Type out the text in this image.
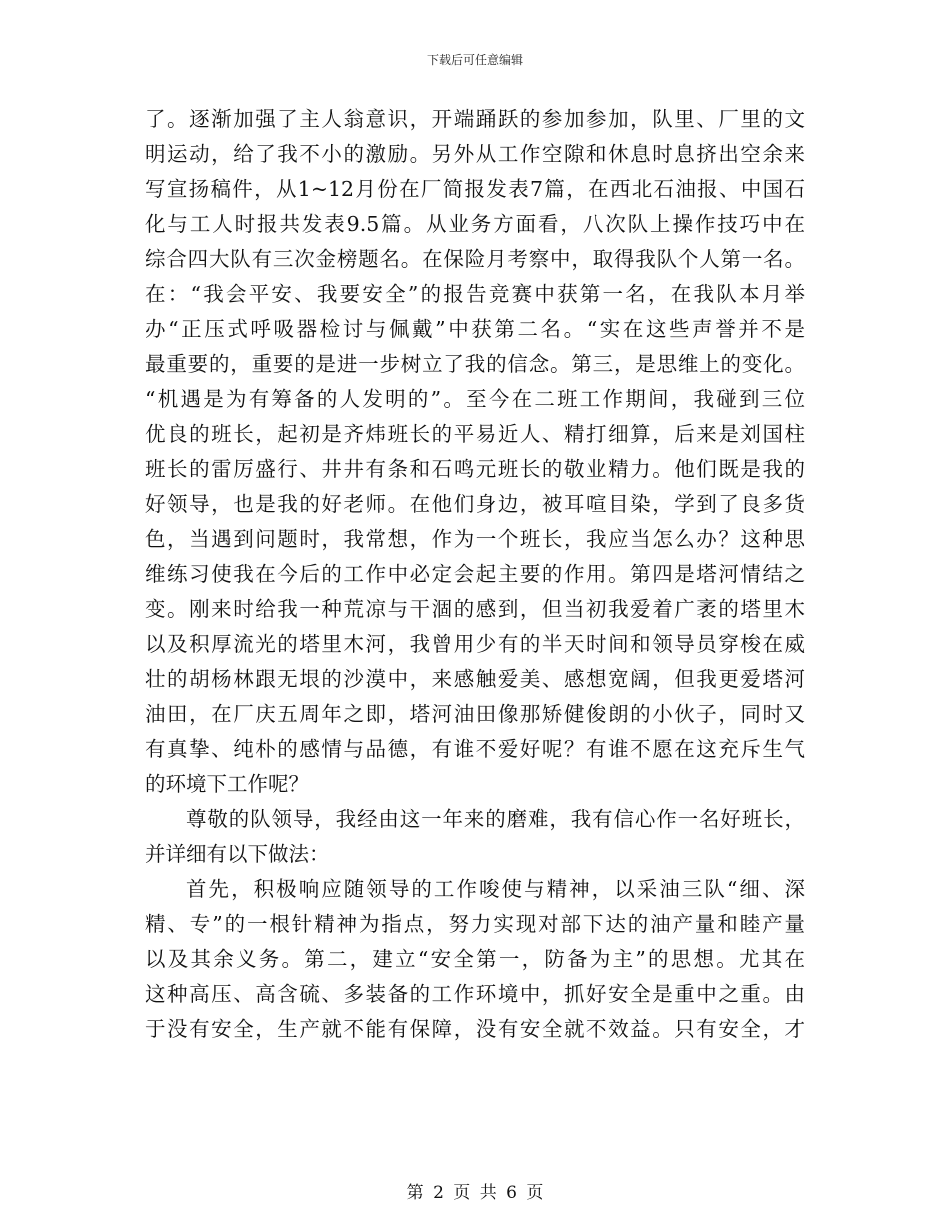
下载后可任意编辑
了。逐渐加强了主人翁意识，开端踊跃的参加参加，队里、厂里的文
明运动，给了我不小的激励。另外从工作空隙和休息时息挤出空余来
写宣扬稿件，从1~12月份在厂简报发表7篇，在西北石油报、中国石
化与工人时报共发表9.5篇。从业务方面看，八次队上操作技巧中在
综合四大队有三次金榜题名。在保险月考察中，取得我队个人第一名。
在：“我会平安、我要安全”的报告竞赛中获第一名，在我队本月举
办“正压式呼吸器检讨与佩戴”中获第二名。“实在这些声誉并不是
最重要的，重要的是进一步树立了我的信念。第三，是思维上的变化。
“机遇是为有筹备的人发明的”。至今在二班工作期间，我碰到三位
优良的班长，起初是齐炜班长的平易近人、精打细算，后来是刘国柱
班长的雷厉盛行、井井有条和石鸣元班长的敬业精力。他们既是我的
好领导，也是我的好老师。在他们身边，被耳喧目染，学到了良多货
色，当遇到问题时，我常想，作为一个班长，我应当怎么办？这种思
维练习使我在今后的工作中必定会起主要的作用。第四是塔河情结之
变。刚来时给我一种荒凉与干涸的感到，但当初我爱着广袤的塔里木
以及积厚流光的塔里木河，我曾用少有的半天时间和领导员穿梭在威
壮的胡杨林跟无垠的沙漠中，来感触爱美、感想宽阔，但我更爱塔河
油田，在厂庆五周年之即，塔河油田像那矫健俊朗的小伙子，同时又
有真挚、纯朴的感情与品德，有谁不爱好呢？有谁不愿在这充斥生气
的环境下工作呢？
尊敬的队领导，我经由这一年来的磨难，我有信心作一名好班长，
并详细有以下做法：
首先，积极响应随领导的工作唆使与精神，以采油三队“细、深
精、专”的一根针精神为指点，努力实现对部下达的油产量和睦产量
以及其余义务。第二，建立“安全第一，防备为主”的思想。尤其在
这种高压、高含硫、多装备的工作环境中，抓好安全是重中之重。由
于没有安全，生产就不能有保障，没有安全就不效益。只有安全，才
第 2 页 共 6 页
